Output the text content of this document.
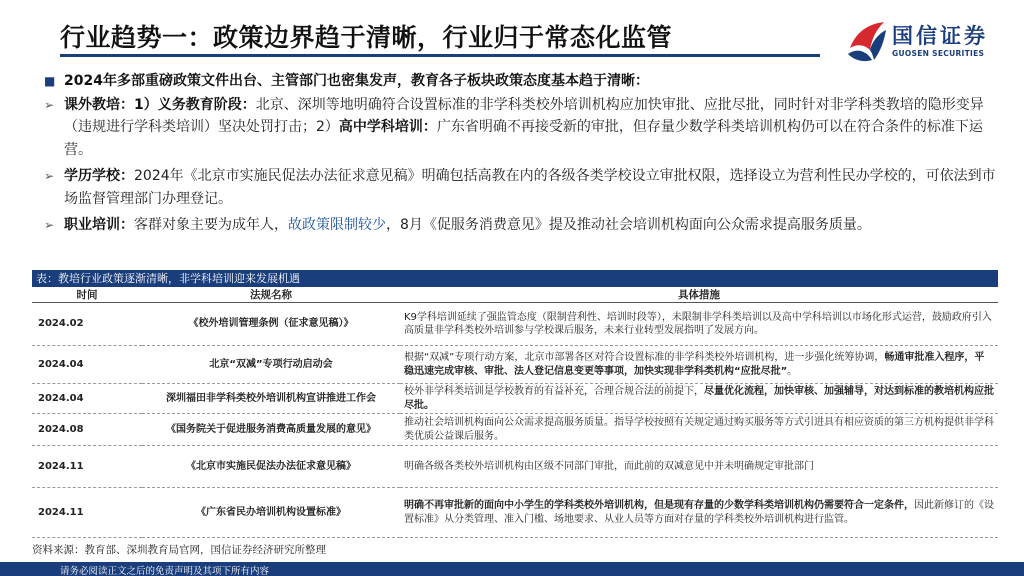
行业趋势一：政策边界趋于清晰，行业归于常态化监管	国信证券
GUOSEN SECURITIES
■ 2024年多部重磅政策文件出台、主管部门也密集发声，教育各子板块政策态度基本趋于清晰：
➢ 课外教培：1）义务教育阶段：北京、深圳等地明确符合设置标准的非学科类校外培训机构应加快审批、应批尽批，同时针对非学科类教培的隐形变异（违规进行学科类培训）坚决处罚打击；2）高中学科培训：广东省明确不再接受新的审批，但存量少数学科类培训机构仍可以在符合条件的标准下运营。
➢ 学历学校：2024年《北京市实施民促法办法征求意见稿》明确包括高教在内的各级各类学校设立审批权限，选择设立为营利性民办学校的，可依法到市场监督管理部门办理登记。
➢ 职业培训：客群对象主要为成年人，故政策限制较少，8月《促服务消费意见》提及推动社会培训机构面向公众需求提高服务质量。
表：教培行业政策逐渐清晰，非学科培训迎来发展机遇
时间	法规名称	具体措施
2024.02	《校外培训管理条例（征求意见稿）》	K9学科培训延续了强监管态度（限制营利性、培训时段等），未限制非学科类培训以及高中学科培训以市场化形式运营，鼓励政府引入高质量非学科类校外培训参与学校课后服务，未来行业转型发展指明了发展方向。
2024.04	北京“双减”专项行动启动会	根据“双减”专项行动方案，北京市部署各区对符合设置标准的非学科类校外培训机构，进一步强化统筹协调，畅通审批准入程序，平稳迅速完成审核、审批、法人登记信息变更等事项，加快实现非学科类机构“应批尽批”。
2024.04	深圳福田非学科类校外培训机构宣讲推进工作会	校外非学科类培训是学校教育的有益补充，合理合规合法的前提下，尽量优化流程，加快审核、加强辅导，对达到标准的教培机构应批尽批。
2024.08	《国务院关于促进服务消费高质量发展的意见》	推动社会培训机构面向公众需求提高服务质量。指导学校按照有关规定通过购买服务等方式引进具有相应资质的第三方机构提供非学科类优质公益课后服务。
2024.11	《北京市实施民促法办法征求意见稿》	明确各级各类校外培训机构由区级不同部门审批，而此前的双减意见中并未明确规定审批部门
2024.11	《广东省民办培训机构设置标准》	明确不再审批新的面向中小学生的学科类校外培训机构，但是现有存量的少数学科类培训机构仍需要符合一定条件，因此新修订的《设置标准》从分类管理、准入门槛、场地要求、从业人员等方面对存量的学科类校外培训机构进行监管。
资料来源：教育部、深圳教育局官网，国信证券经济研究所整理
请务必阅读正文之后的免责声明及其项下所有内容
